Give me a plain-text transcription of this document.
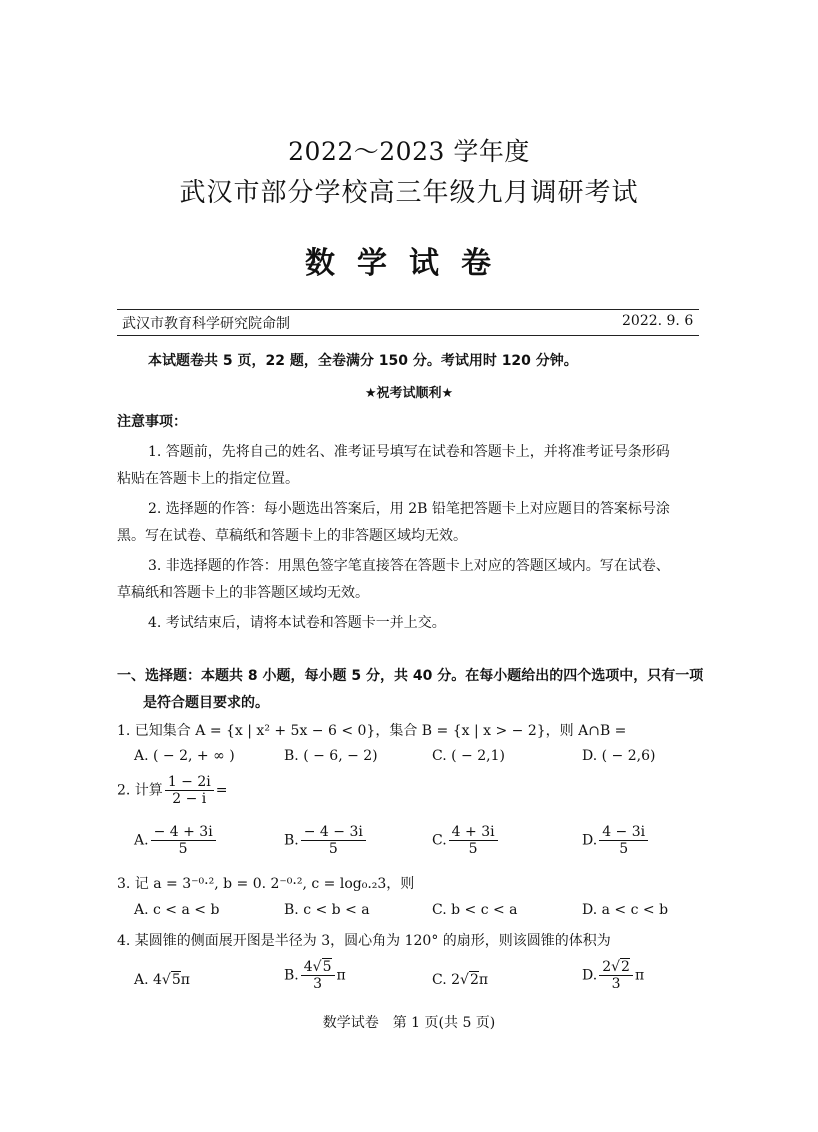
2022～2023 学年度
武汉市部分学校高三年级九月调研考试
数学试卷
武汉市教育科学研究院命制	2022. 9. 6
本试题卷共 5 页，22 题，全卷满分 150 分。考试用时 120 分钟。
★祝考试顺利★
注意事项：
1. 答题前，先将自己的姓名、准考证号填写在试卷和答题卡上，并将准考证号条形码
粘贴在答题卡上的指定位置。
2. 选择题的作答：每小题选出答案后，用 2B 铅笔把答题卡上对应题目的答案标号涂
黑。写在试卷、草稿纸和答题卡上的非答题区域均无效。
3. 非选择题的作答：用黑色签字笔直接答在答题卡上对应的答题区域内。写在试卷、
草稿纸和答题卡上的非答题区域均无效。
4. 考试结束后，请将本试卷和答题卡一并上交。
一、选择题：本题共 8 小题，每小题 5 分，共 40 分。在每小题给出的四个选项中，只有一项
是符合题目要求的。
1. 已知集合 A = {x | x² + 5x − 6 < 0}，集合 B = {x | x > − 2}，则 A∩B =
A. ( − 2, + ∞ )	B. ( − 6, − 2)	C. ( − 2,1)	D. ( − 2,6)
2. 计算 $\frac{1 - 2i}{2 - i}$ =
A. $\frac{- 4 + 3i}{5}$	B. $\frac{- 4 - 3i}{5}$	C. $\frac{4 + 3i}{5}$	D. $\frac{4 - 3i}{5}$
3. 记 a = 3⁻⁰·², b = 0. 2⁻⁰·², c = log₀.₂3，则
A. c < a < b	B. c < b < a	C. b < c < a	D. a < c < b
4. 某圆锥的侧面展开图是半径为 3，圆心角为 120° 的扇形，则该圆锥的体积为
A. 4√5π	B. $\frac{4√5}{3}$ π	C. 2√2π	D. $\frac{2√2}{3}$ π
数学试卷　第 1 页(共 5 页)
